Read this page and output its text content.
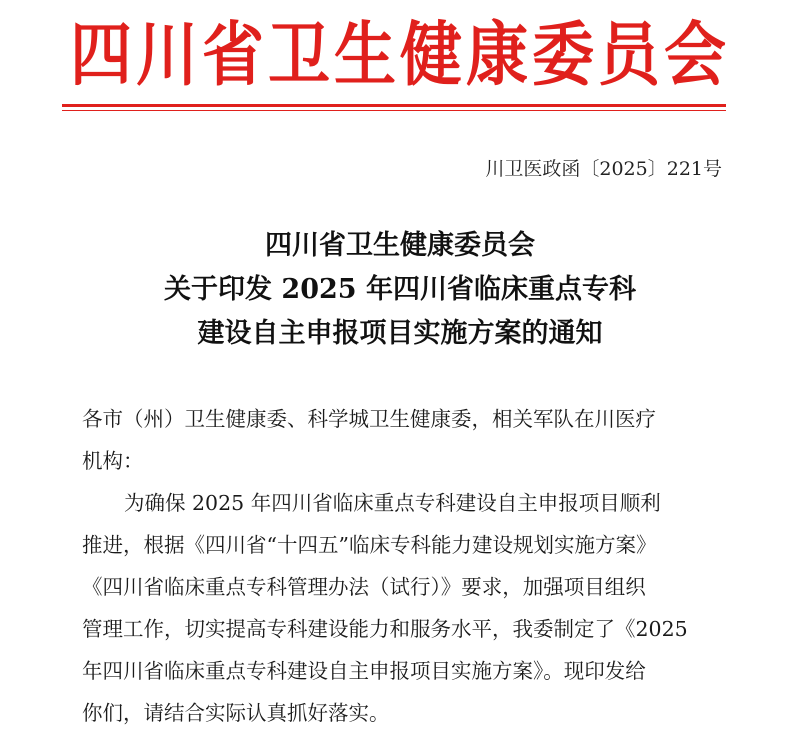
四川省卫生健康委员会
川卫医政函〔2025〕221号
四川省卫生健康委员会
关于印发 2025 年四川省临床重点专科
建设自主申报项目实施方案的通知
各市（州）卫生健康委、科学城卫生健康委，相关军队在川医疗
机构：
为确保 2025 年四川省临床重点专科建设自主申报项目顺利
推进，根据《四川省“十四五”临床专科能力建设规划实施方案》
《四川省临床重点专科管理办法（试行）》要求，加强项目组织
管理工作，切实提高专科建设能力和服务水平，我委制定了《2025
年四川省临床重点专科建设自主申报项目实施方案》。现印发给
你们，请结合实际认真抓好落实。
